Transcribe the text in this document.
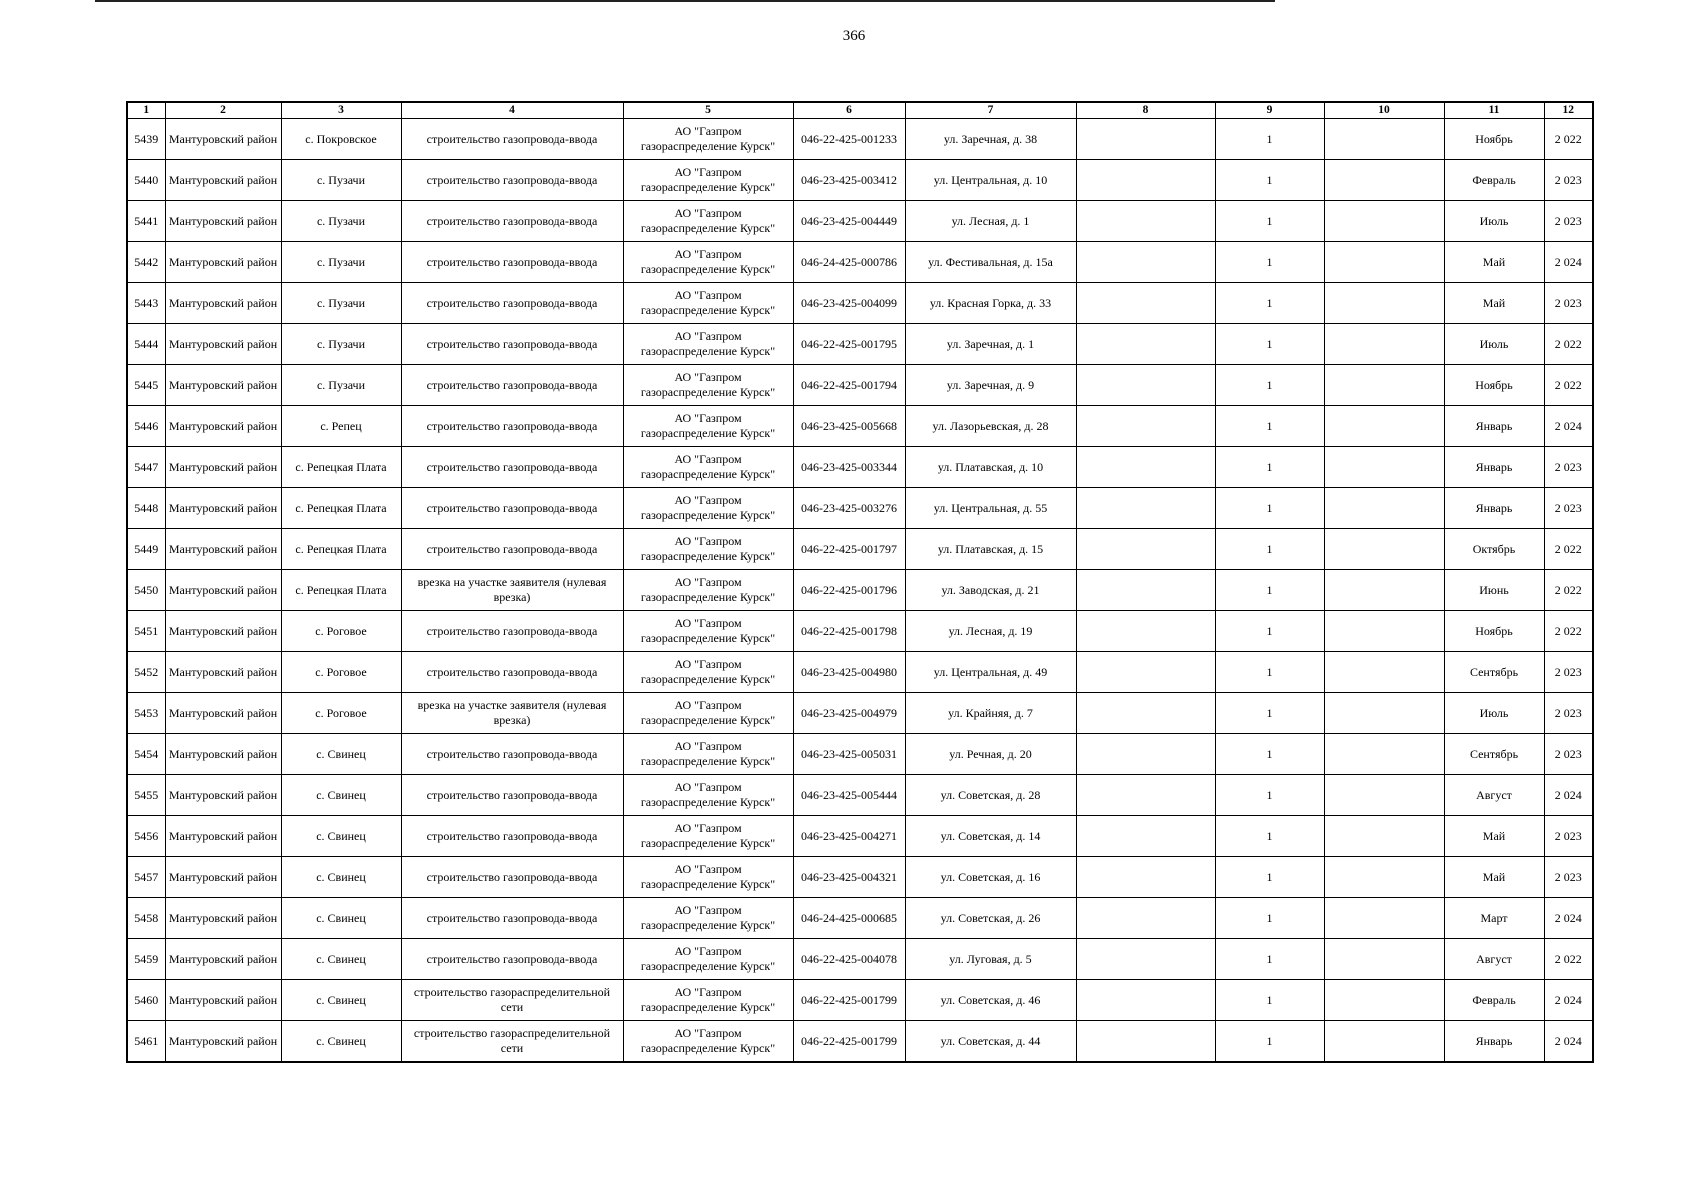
366
1	2	3	4	5	6	7	8	9	10	11	12
5439	Мантуровский район	с. Покровское	строительство газопровода-ввода	АО "Газпром газораспределение Курск"	046-22-425-001233	ул. Заречная, д. 38		1		Ноябрь	2 022
5440	Мантуровский район	с. Пузачи	строительство газопровода-ввода	АО "Газпром газораспределение Курск"	046-23-425-003412	ул. Центральная, д. 10		1		Февраль	2 023
5441	Мантуровский район	с. Пузачи	строительство газопровода-ввода	АО "Газпром газораспределение Курск"	046-23-425-004449	ул. Лесная, д. 1		1		Июль	2 023
5442	Мантуровский район	с. Пузачи	строительство газопровода-ввода	АО "Газпром газораспределение Курск"	046-24-425-000786	ул. Фестивальная, д. 15а		1		Май	2 024
5443	Мантуровский район	с. Пузачи	строительство газопровода-ввода	АО "Газпром газораспределение Курск"	046-23-425-004099	ул. Красная Горка, д. 33		1		Май	2 023
5444	Мантуровский район	с. Пузачи	строительство газопровода-ввода	АО "Газпром газораспределение Курск"	046-22-425-001795	ул. Заречная, д. 1		1		Июль	2 022
5445	Мантуровский район	с. Пузачи	строительство газопровода-ввода	АО "Газпром газораспределение Курск"	046-22-425-001794	ул. Заречная, д. 9		1		Ноябрь	2 022
5446	Мантуровский район	с. Репец	строительство газопровода-ввода	АО "Газпром газораспределение Курск"	046-23-425-005668	ул. Лазорьевская, д. 28		1		Январь	2 024
5447	Мантуровский район	с. Репецкая Плата	строительство газопровода-ввода	АО "Газпром газораспределение Курск"	046-23-425-003344	ул. Платавская, д. 10		1		Январь	2 023
5448	Мантуровский район	с. Репецкая Плата	строительство газопровода-ввода	АО "Газпром газораспределение Курск"	046-23-425-003276	ул. Центральная, д. 55		1		Январь	2 023
5449	Мантуровский район	с. Репецкая Плата	строительство газопровода-ввода	АО "Газпром газораспределение Курск"	046-22-425-001797	ул. Платавская, д. 15		1		Октябрь	2 022
5450	Мантуровский район	с. Репецкая Плата	врезка на участке заявителя (нулевая врезка)	АО "Газпром газораспределение Курск"	046-22-425-001796	ул. Заводская, д. 21		1		Июнь	2 022
5451	Мантуровский район	с. Роговое	строительство газопровода-ввода	АО "Газпром газораспределение Курск"	046-22-425-001798	ул. Лесная, д. 19		1		Ноябрь	2 022
5452	Мантуровский район	с. Роговое	строительство газопровода-ввода	АО "Газпром газораспределение Курск"	046-23-425-004980	ул. Центральная, д. 49		1		Сентябрь	2 023
5453	Мантуровский район	с. Роговое	врезка на участке заявителя (нулевая врезка)	АО "Газпром газораспределение Курск"	046-23-425-004979	ул. Крайняя, д. 7		1		Июль	2 023
5454	Мантуровский район	с. Свинец	строительство газопровода-ввода	АО "Газпром газораспределение Курск"	046-23-425-005031	ул. Речная, д. 20		1		Сентябрь	2 023
5455	Мантуровский район	с. Свинец	строительство газопровода-ввода	АО "Газпром газораспределение Курск"	046-23-425-005444	ул. Советская, д. 28		1		Август	2 024
5456	Мантуровский район	с. Свинец	строительство газопровода-ввода	АО "Газпром газораспределение Курск"	046-23-425-004271	ул. Советская, д. 14		1		Май	2 023
5457	Мантуровский район	с. Свинец	строительство газопровода-ввода	АО "Газпром газораспределение Курск"	046-23-425-004321	ул. Советская, д. 16		1		Май	2 023
5458	Мантуровский район	с. Свинец	строительство газопровода-ввода	АО "Газпром газораспределение Курск"	046-24-425-000685	ул. Советская, д. 26		1		Март	2 024
5459	Мантуровский район	с. Свинец	строительство газопровода-ввода	АО "Газпром газораспределение Курск"	046-22-425-004078	ул. Луговая, д. 5		1		Август	2 022
5460	Мантуровский район	с. Свинец	строительство газораспределительной сети	АО "Газпром газораспределение Курск"	046-22-425-001799	ул. Советская, д. 46		1		Февраль	2 024
5461	Мантуровский район	с. Свинец	строительство газораспределительной сети	АО "Газпром газораспределение Курск"	046-22-425-001799	ул. Советская, д. 44		1		Январь	2 024
